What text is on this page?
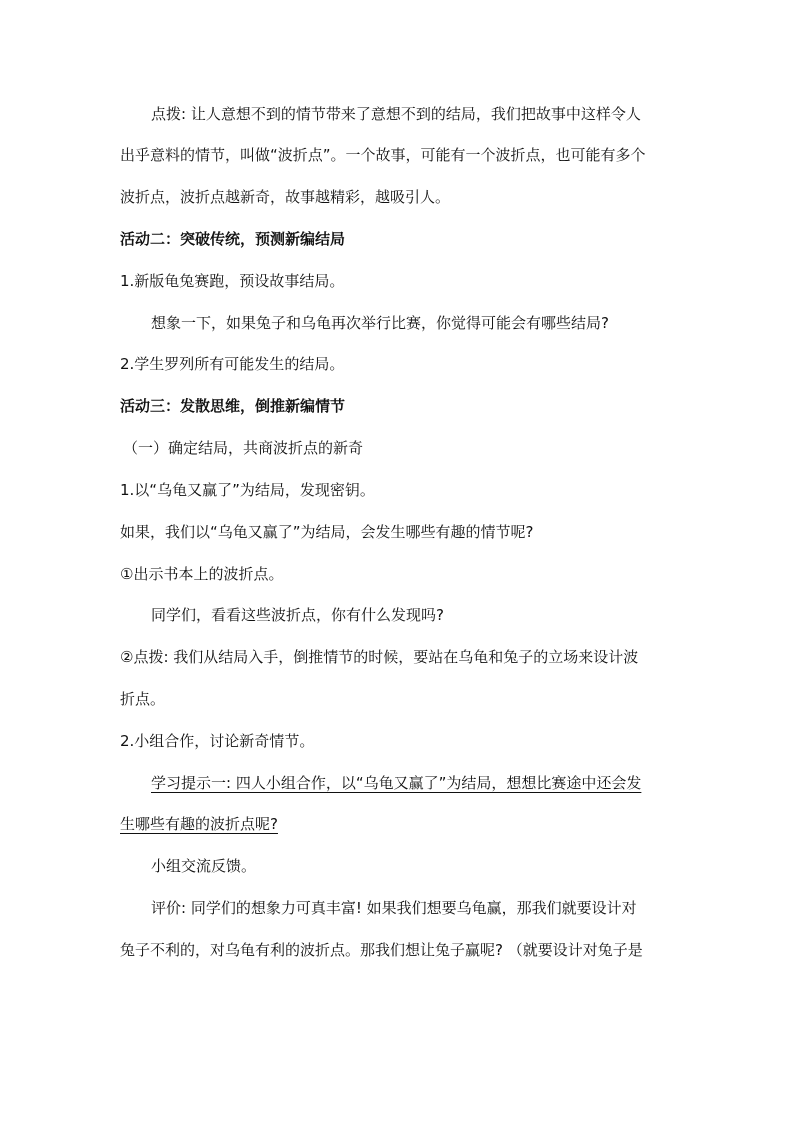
点拨: 让人意想不到的情节带来了意想不到的结局，我们把故事中这样令人
出乎意料的情节，叫做“波折点”。一个故事，可能有一个波折点，也可能有多个
波折点，波折点越新奇，故事越精彩，越吸引人。
活动二：突破传统，预测新编结局
1.新版龟兔赛跑，预设故事结局。
想象一下，如果兔子和乌龟再次举行比赛，你觉得可能会有哪些结局?
2.学生罗列所有可能发生的结局。
活动三：发散思维，倒推新编情节
（一）确定结局，共商波折点的新奇
1.以“乌龟又赢了”为结局，发现密钥。
如果，我们以“乌龟又赢了”为结局，会发生哪些有趣的情节呢?
①出示书本上的波折点。
同学们，看看这些波折点，你有什么发现吗?
②点拨: 我们从结局入手，倒推情节的时候，要站在乌龟和兔子的立场来设计波
折点。
2.小组合作，讨论新奇情节。
学习提示一: 四人小组合作，以“乌龟又赢了”为结局，想想比赛途中还会发
生哪些有趣的波折点呢?
小组交流反馈。
评价: 同学们的想象力可真丰富! 如果我们想要乌龟赢，那我们就要设计对
兔子不利的，对乌龟有利的波折点。那我们想让兔子赢呢? （就要设计对兔子是
